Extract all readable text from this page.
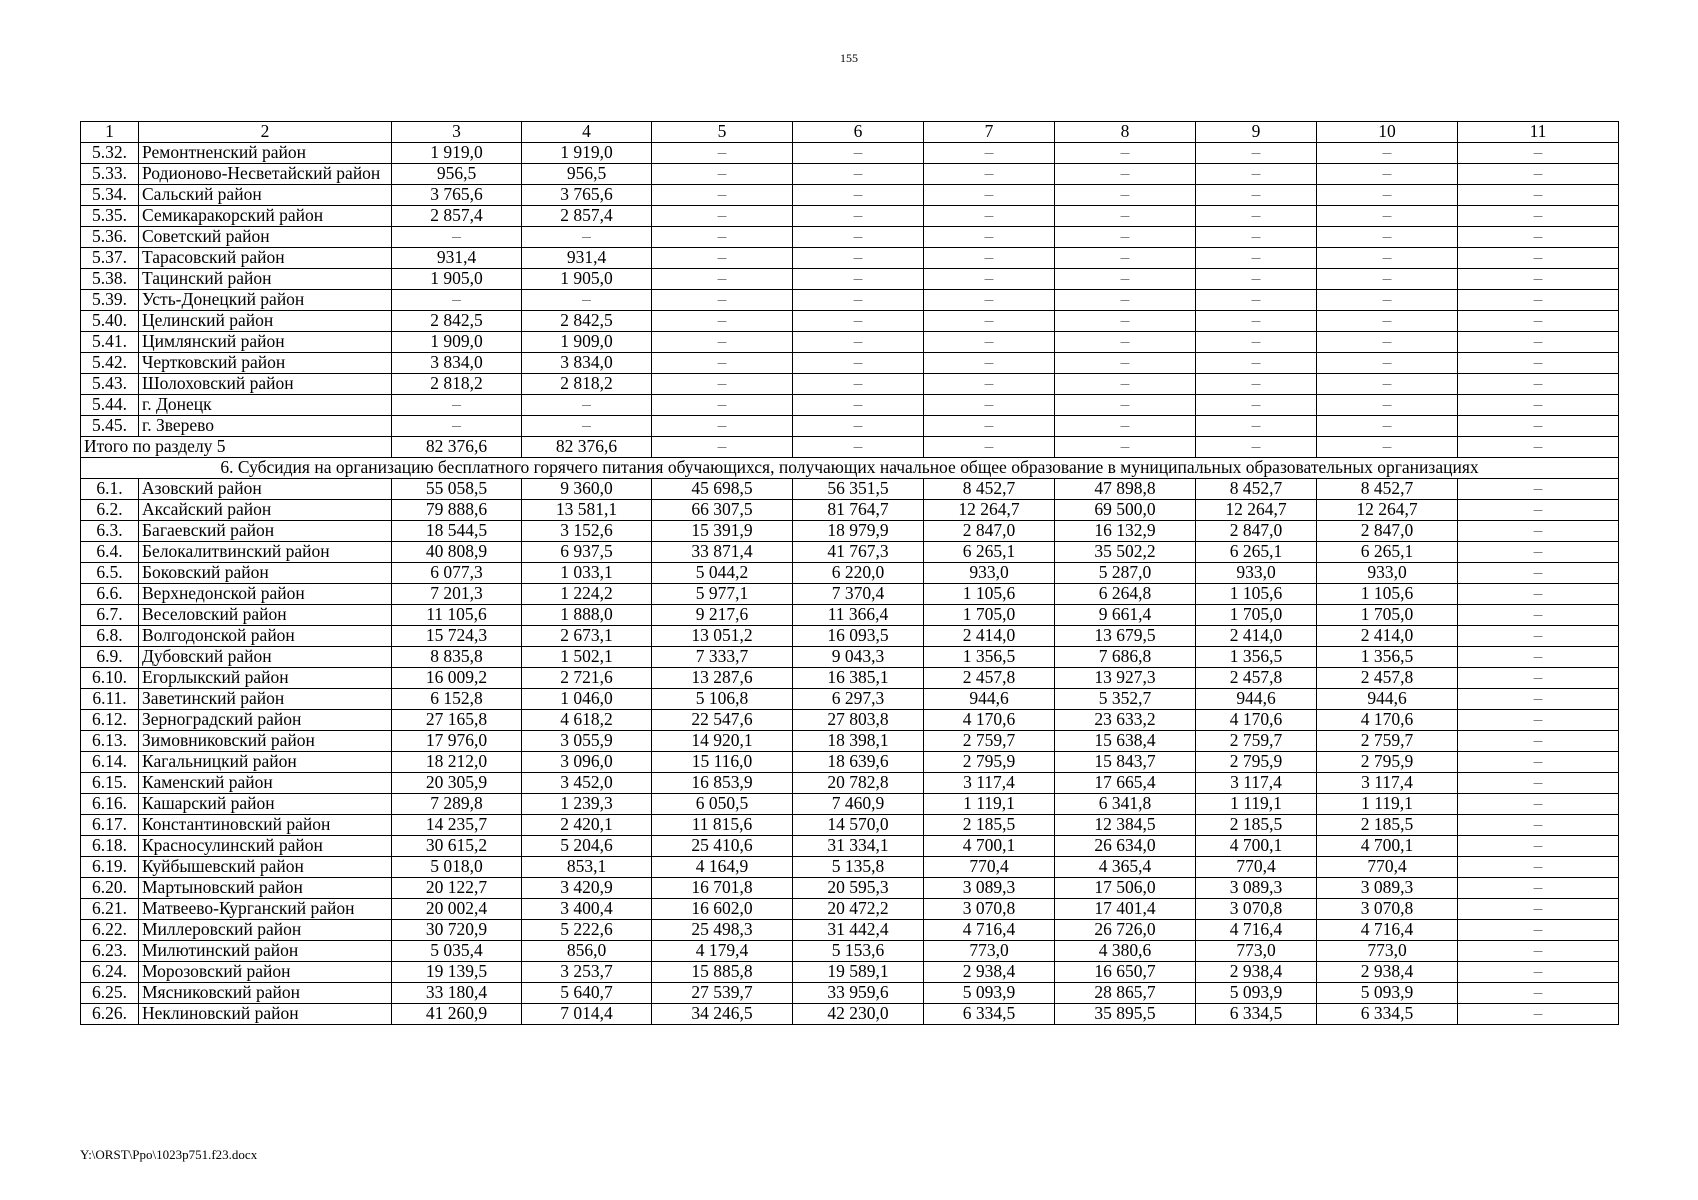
155
1	2	3	4	5	6	7	8	9	10	11
5.32.	Ремонтненский район	1 919,0	1 919,0	–	–	–	–	–	–	–
5.33.	Родионово-Несветайский район	956,5	956,5	–	–	–	–	–	–	–
5.34.	Сальский район	3 765,6	3 765,6	–	–	–	–	–	–	–
5.35.	Семикаракорский район	2 857,4	2 857,4	–	–	–	–	–	–	–
5.36.	Советский район	–	–	–	–	–	–	–	–	–
5.37.	Тарасовский район	931,4	931,4	–	–	–	–	–	–	–
5.38.	Тацинский район	1 905,0	1 905,0	–	–	–	–	–	–	–
5.39.	Усть-Донецкий район	–	–	–	–	–	–	–	–	–
5.40.	Целинский район	2 842,5	2 842,5	–	–	–	–	–	–	–
5.41.	Цимлянский район	1 909,0	1 909,0	–	–	–	–	–	–	–
5.42.	Чертковский район	3 834,0	3 834,0	–	–	–	–	–	–	–
5.43.	Шолоховский район	2 818,2	2 818,2	–	–	–	–	–	–	–
5.44.	г. Донецк	–	–	–	–	–	–	–	–	–
5.45.	г. Зверево	–	–	–	–	–	–	–	–	–
Итого по разделу 5		82 376,6	82 376,6	–	–	–	–	–	–	–
6. Субсидия на организацию бесплатного горячего питания обучающихся, получающих начальное общее образование в муниципальных образовательных организациях										
6.1.	Азовский район	55 058,5	9 360,0	45 698,5	56 351,5	8 452,7	47 898,8	8 452,7	8 452,7	–
6.2.	Аксайский район	79 888,6	13 581,1	66 307,5	81 764,7	12 264,7	69 500,0	12 264,7	12 264,7	–
6.3.	Багаевский район	18 544,5	3 152,6	15 391,9	18 979,9	2 847,0	16 132,9	2 847,0	2 847,0	–
6.4.	Белокалитвинский район	40 808,9	6 937,5	33 871,4	41 767,3	6 265,1	35 502,2	6 265,1	6 265,1	–
6.5.	Боковский район	6 077,3	1 033,1	5 044,2	6 220,0	933,0	5 287,0	933,0	933,0	–
6.6.	Верхнедонской район	7 201,3	1 224,2	5 977,1	7 370,4	1 105,6	6 264,8	1 105,6	1 105,6	–
6.7.	Веселовский район	11 105,6	1 888,0	9 217,6	11 366,4	1 705,0	9 661,4	1 705,0	1 705,0	–
6.8.	Волгодонской район	15 724,3	2 673,1	13 051,2	16 093,5	2 414,0	13 679,5	2 414,0	2 414,0	–
6.9.	Дубовский район	8 835,8	1 502,1	7 333,7	9 043,3	1 356,5	7 686,8	1 356,5	1 356,5	–
6.10.	Егорлыкский район	16 009,2	2 721,6	13 287,6	16 385,1	2 457,8	13 927,3	2 457,8	2 457,8	–
6.11.	Заветинский район	6 152,8	1 046,0	5 106,8	6 297,3	944,6	5 352,7	944,6	944,6	–
6.12.	Зерноградский район	27 165,8	4 618,2	22 547,6	27 803,8	4 170,6	23 633,2	4 170,6	4 170,6	–
6.13.	Зимовниковский район	17 976,0	3 055,9	14 920,1	18 398,1	2 759,7	15 638,4	2 759,7	2 759,7	–
6.14.	Кагальницкий район	18 212,0	3 096,0	15 116,0	18 639,6	2 795,9	15 843,7	2 795,9	2 795,9	–
6.15.	Каменский район	20 305,9	3 452,0	16 853,9	20 782,8	3 117,4	17 665,4	3 117,4	3 117,4	–
6.16.	Кашарский район	7 289,8	1 239,3	6 050,5	7 460,9	1 119,1	6 341,8	1 119,1	1 119,1	–
6.17.	Константиновский район	14 235,7	2 420,1	11 815,6	14 570,0	2 185,5	12 384,5	2 185,5	2 185,5	–
6.18.	Красносулинский район	30 615,2	5 204,6	25 410,6	31 334,1	4 700,1	26 634,0	4 700,1	4 700,1	–
6.19.	Куйбышевский район	5 018,0	853,1	4 164,9	5 135,8	770,4	4 365,4	770,4	770,4	–
6.20.	Мартыновский район	20 122,7	3 420,9	16 701,8	20 595,3	3 089,3	17 506,0	3 089,3	3 089,3	–
6.21.	Матвеево-Курганский район	20 002,4	3 400,4	16 602,0	20 472,2	3 070,8	17 401,4	3 070,8	3 070,8	–
6.22.	Миллеровский район	30 720,9	5 222,6	25 498,3	31 442,4	4 716,4	26 726,0	4 716,4	4 716,4	–
6.23.	Милютинский район	5 035,4	856,0	4 179,4	5 153,6	773,0	4 380,6	773,0	773,0	–
6.24.	Морозовский район	19 139,5	3 253,7	15 885,8	19 589,1	2 938,4	16 650,7	2 938,4	2 938,4	–
6.25.	Мясниковский район	33 180,4	5 640,7	27 539,7	33 959,6	5 093,9	28 865,7	5 093,9	5 093,9	–
6.26.	Неклиновский район	41 260,9	7 014,4	34 246,5	42 230,0	6 334,5	35 895,5	6 334,5	6 334,5	–
Y:\ORST\Ppo\1023p751.f23.docx
